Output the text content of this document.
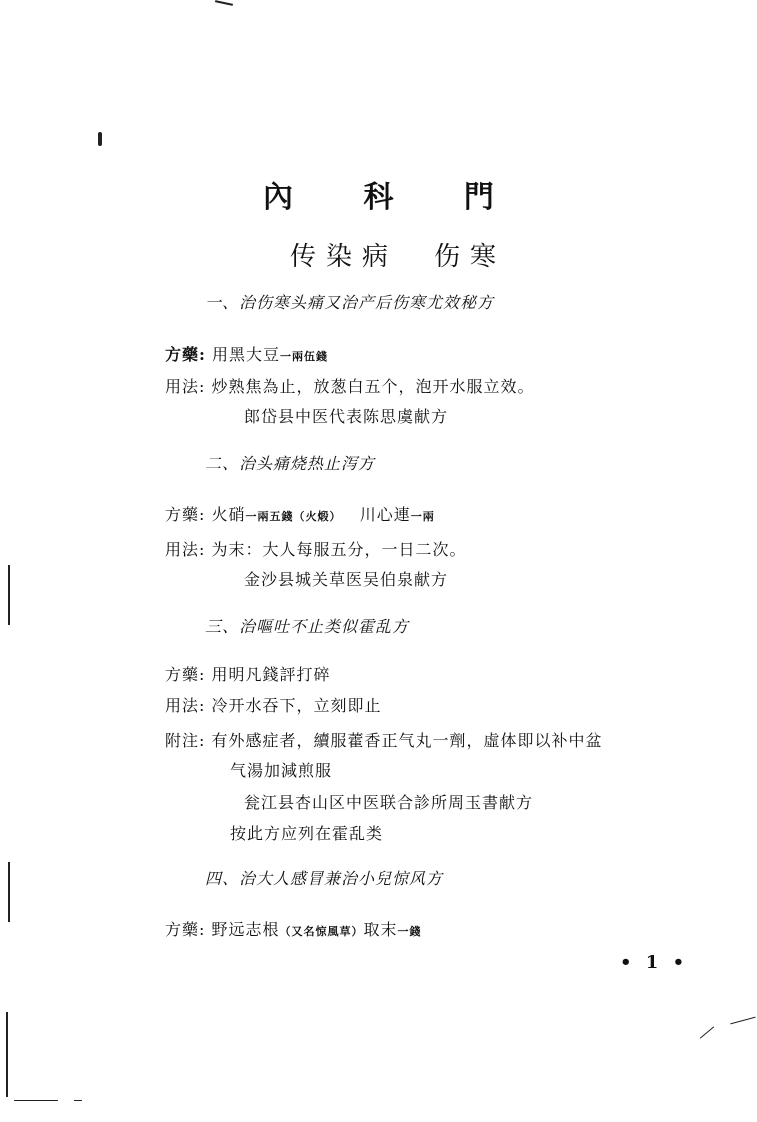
內 科 門
传染病 伤寒
一、治伤寒头痛又治产后伤寒尤效秘方
方藥: 用黑大豆一兩伍錢
用法: 炒熟焦為止，放葱白五个，泡开水服立效。
郎岱县中医代表陈思虞献方
二、治头痛烧热止泻方
方藥: 火硝一兩五錢（火煅） 川心連一兩
用法: 为末：大人每服五分，一日二次。
金沙县城关草医吴伯泉献方
三、治嘔吐不止类似霍乱方
方藥: 用明凡錢評打碎
用法: 冷开水吞下，立刻即止
附注: 有外感症者，續服藿香正气丸一劑，虛体即以补中盆
气湯加減煎服
瓮江县杏山区中医联合診所周玉書献方
按此方应列在霍乱类
四、治大人感冒兼治小兒惊风方
方藥: 野远志根（又名惊風草）取末一錢
• 1 •
